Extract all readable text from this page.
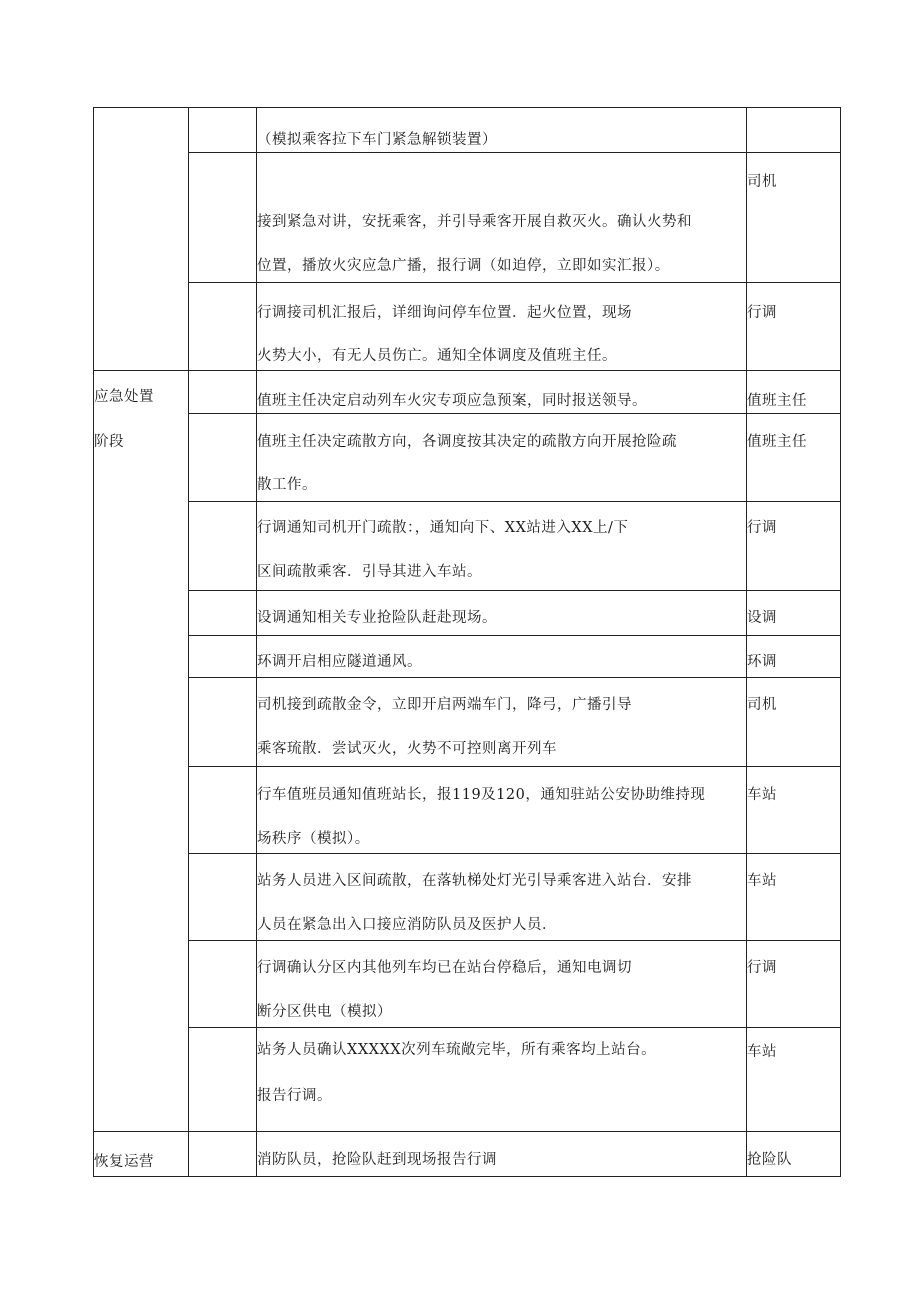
		（模拟乘客拉下车门紧急解锁装置）	

		接到紧急对讲，安抚乘客，并引导乘客开展自救灭火。确认火势和
位置，播放火灾应急广播，报行调（如迫停，立即如实汇报）。	司机

		行调接司机汇报后，详细询问停车位置．起火位置，现场
火势大小，有无人员伤亡。通知全体调度及值班主任。	行调

应急处置
阶段		值班主任决定启动列车火灾专项应急预案，同时报送领导。	值班主任

		值班主任决定疏散方向，各调度按其决定的疏散方向开展抢险疏
散工作。	值班主任

		行调通知司机开门疏散：，通知向下、XX站进入XX上/下
区间疏散乘客．引导其进入车站。	行调

		设调通知相关专业抢险队赶赴现场。	设调

		环调开启相应隧道通风。	环调

		司机接到疏散金令，立即开启两端车门，降弓，广播引导
乘客琉散．尝试灭火，火势不可控则离开列车	司机

		行车值班员通知值班站长，报119及120，通知驻站公安协助维持现
场秩序（模拟）。	车站

		站务人员进入区间疏散，在落轨梯处灯光引导乘客进入站台．安排
人员在紧急出入口接应消防队员及医护人员．	车站

		行调确认分区内其他列车均已在站台停稳后，通知电调切
断分区供电（模拟）	行调

		站务人员确认XXXXX次列车琉敞完毕，所有乘客均上站台。
报告行调。	车站

恢复运营		消防队员，抢险队赶到现场报告行调	抢险队
